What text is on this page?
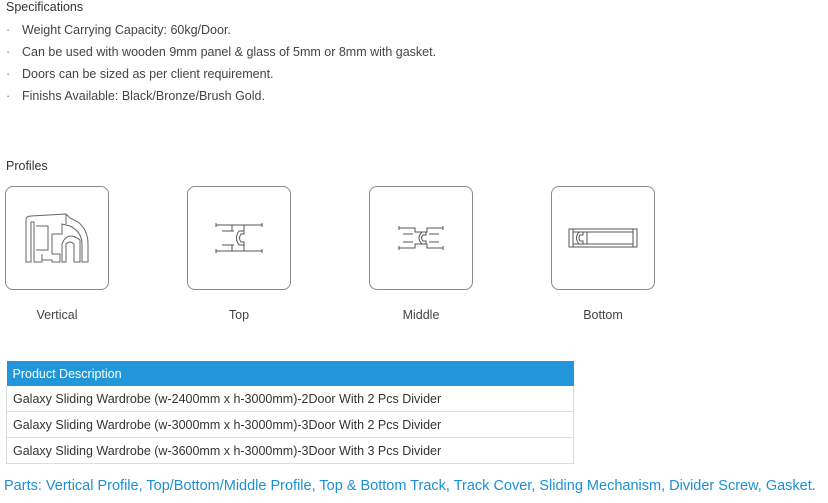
Specifications
· Weight Carrying Capacity: 60kg/Door.
· Can be used with wooden 9mm panel & glass of 5mm or 8mm with gasket.
· Doors can be sized as per client requirement.
· Finishs Available: Black/Bronze/Brush Gold.
Profiles
Vertical	Top	Middle	Bottom
Product Description
Galaxy Sliding Wardrobe (w-2400mm x h-3000mm)-2Door With 2 Pcs Divider
Galaxy Sliding Wardrobe (w-3000mm x h-3000mm)-3Door With 2 Pcs Divider
Galaxy Sliding Wardrobe (w-3600mm x h-3000mm)-3Door With 3 Pcs Divider
Parts: Vertical Profile, Top/Bottom/Middle Profile, Top & Bottom Track, Track Cover, Sliding Mechanism, Divider Screw, Gasket.
